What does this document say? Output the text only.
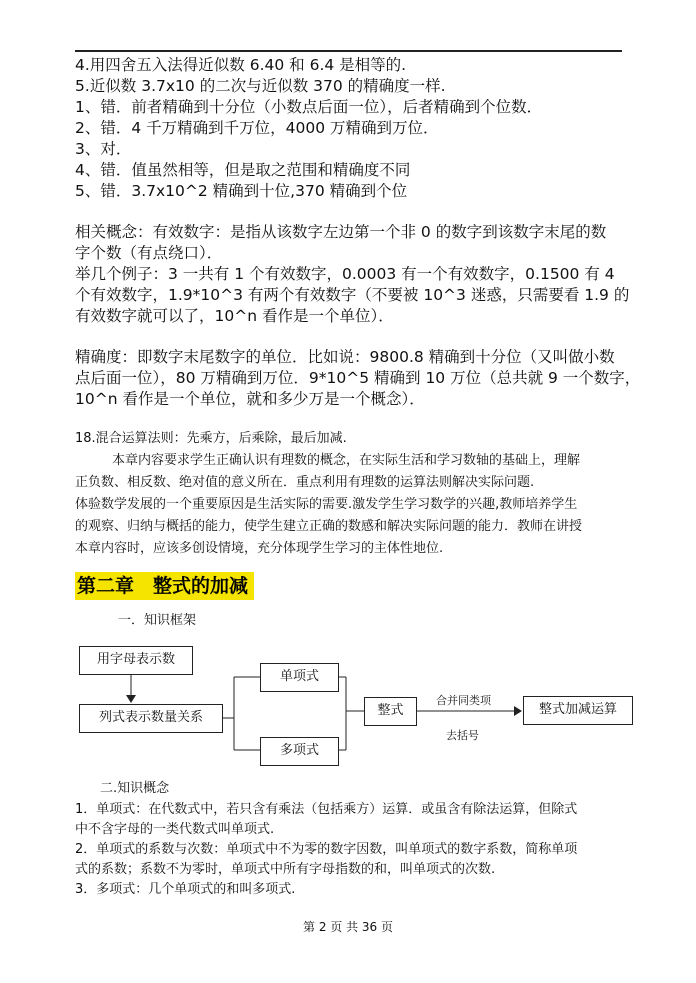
4.用四舍五入法得近似数 6.40 和 6.4 是相等的.
5.近似数 3.7x10 的二次与近似数 370 的精确度一样.
1、错．前者精确到十分位（小数点后面一位），后者精确到个位数．
2、错．4 千万精确到千万位，4000 万精确到万位．
3、对．
4、错．值虽然相等，但是取之范围和精确度不同
5、错．3.7x10^2 精确到十位,370 精确到个位
相关概念：有效数字：是指从该数字左边第一个非 0 的数字到该数字末尾的数
字个数（有点绕口）．
举几个例子：3 一共有 1 个有效数字，0.0003 有一个有效数字，0.1500 有 4
个有效数字，1.9*10^3 有两个有效数字（不要被 10^3 迷惑，只需要看 1.9 的
有效数字就可以了，10^n 看作是一个单位）．
精确度：即数字末尾数字的单位．比如说：9800.8 精确到十分位（又叫做小数
点后面一位），80 万精确到万位．9*10^5 精确到 10 万位（总共就 9 一个数字，
10^n 看作是一个单位，就和多少万是一个概念）．
18.混合运算法则：先乘方，后乘除，最后加减.
本章内容要求学生正确认识有理数的概念，在实际生活和学习数轴的基础上，理解
正负数、相反数、绝对值的意义所在．重点利用有理数的运算法则解决实际问题.
体验数学发展的一个重要原因是生活实际的需要.激发学生学习数学的兴趣,教师培养学生
的观察、归纳与概括的能力，使学生建立正确的数感和解决实际问题的能力．教师在讲授
本章内容时，应该多创设情境，充分体现学生学习的主体性地位.
第二章　整式的加减
一．知识框架
用字母表示数
列式表示数量关系
单项式
多项式
整式	整式加减运算
合并同类项
去括号
二.知识概念
1．单项式：在代数式中，若只含有乘法（包括乘方）运算．或虽含有除法运算，但除式
中不含字母的一类代数式叫单项式.
2．单项式的系数与次数：单项式中不为零的数字因数，叫单项式的数字系数，简称单项
式的系数；系数不为零时，单项式中所有字母指数的和，叫单项式的次数.
3．多项式：几个单项式的和叫多项式.
第 2 页 共 36 页
